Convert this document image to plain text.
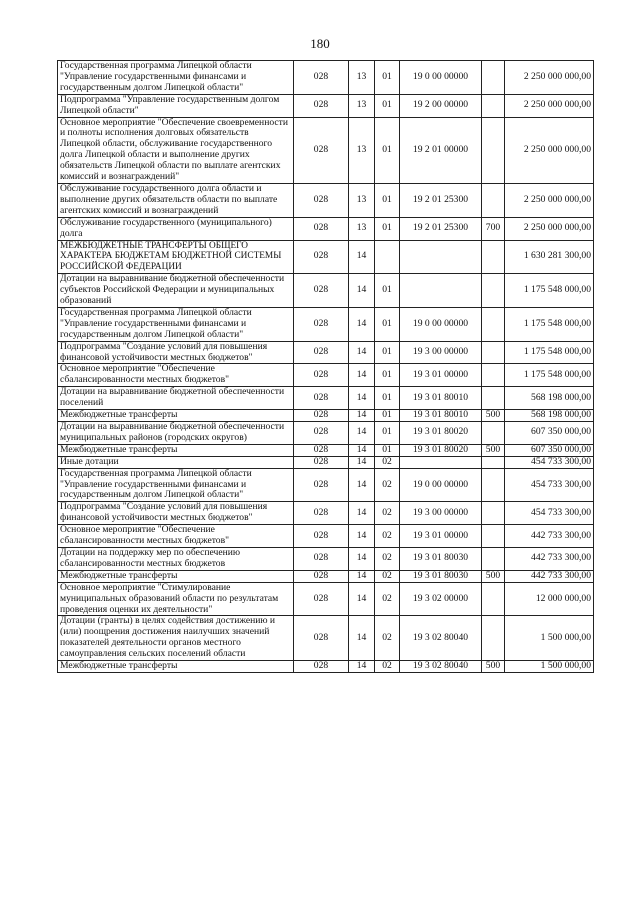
180
Государственная программа Липецкой области "Управление государственными финансами и государственным долгом Липецкой области"	028	13	01	19 0 00 00000		2 250 000 000,00
Подпрограмма "Управление государственным долгом Липецкой области"	028	13	01	19 2 00 00000		2 250 000 000,00
Основное мероприятие "Обеспечение своевременности и полноты исполнения долговых обязательств Липецкой области, обслуживание государственного долга Липецкой области и выполнение других обязательств Липецкой области по выплате агентских комиссий и вознаграждений"	028	13	01	19 2 01 00000		2 250 000 000,00
Обслуживание государственного долга области и выполнение других обязательств области по выплате агентских комиссий и вознаграждений	028	13	01	19 2 01 25300		2 250 000 000,00
Обслуживание государственного (муниципального) долга	028	13	01	19 2 01 25300	700	2 250 000 000,00
МЕЖБЮДЖЕТНЫЕ ТРАНСФЕРТЫ ОБЩЕГО ХАРАКТЕРА БЮДЖЕТАМ БЮДЖЕТНОЙ СИСТЕМЫ РОССИЙСКОЙ ФЕДЕРАЦИИ	028	14				1 630 281 300,00
Дотации на выравнивание бюджетной обеспеченности субъектов Российской Федерации и муниципальных образований	028	14	01			1 175 548 000,00
Государственная программа Липецкой области "Управление государственными финансами и государственным долгом Липецкой области"	028	14	01	19 0 00 00000		1 175 548 000,00
Подпрограмма "Создание условий для повышения финансовой устойчивости местных бюджетов"	028	14	01	19 3 00 00000		1 175 548 000,00
Основное мероприятие "Обеспечение сбалансированности местных бюджетов"	028	14	01	19 3 01 00000		1 175 548 000,00
Дотации на выравнивание бюджетной обеспеченности поселений	028	14	01	19 3 01 80010		568 198 000,00
Межбюджетные трансферты	028	14	01	19 3 01 80010	500	568 198 000,00
Дотации на выравнивание бюджетной обеспеченности муниципальных районов (городских округов)	028	14	01	19 3 01 80020		607 350 000,00
Межбюджетные трансферты	028	14	01	19 3 01 80020	500	607 350 000,00
Иные дотации	028	14	02			454 733 300,00
Государственная программа Липецкой области "Управление государственными финансами и государственным долгом Липецкой области"	028	14	02	19 0 00 00000		454 733 300,00
Подпрограмма "Создание условий для повышения финансовой устойчивости местных бюджетов"	028	14	02	19 3 00 00000		454 733 300,00
Основное мероприятие "Обеспечение сбалансированности местных бюджетов"	028	14	02	19 3 01 00000		442 733 300,00
Дотации на поддержку мер по обеспечению сбалансированности местных бюджетов	028	14	02	19 3 01 80030		442 733 300,00
Межбюджетные трансферты	028	14	02	19 3 01 80030	500	442 733 300,00
Основное мероприятие "Стимулирование муниципальных образований области по результатам проведения оценки их деятельности"	028	14	02	19 3 02 00000		12 000 000,00
Дотации (гранты) в целях содействия достижению и (или) поощрения достижения наилучших значений показателей деятельности органов местного самоуправления сельских поселений области	028	14	02	19 3 02 80040		1 500 000,00
Межбюджетные трансферты	028	14	02	19 3 02 80040	500	1 500 000,00
